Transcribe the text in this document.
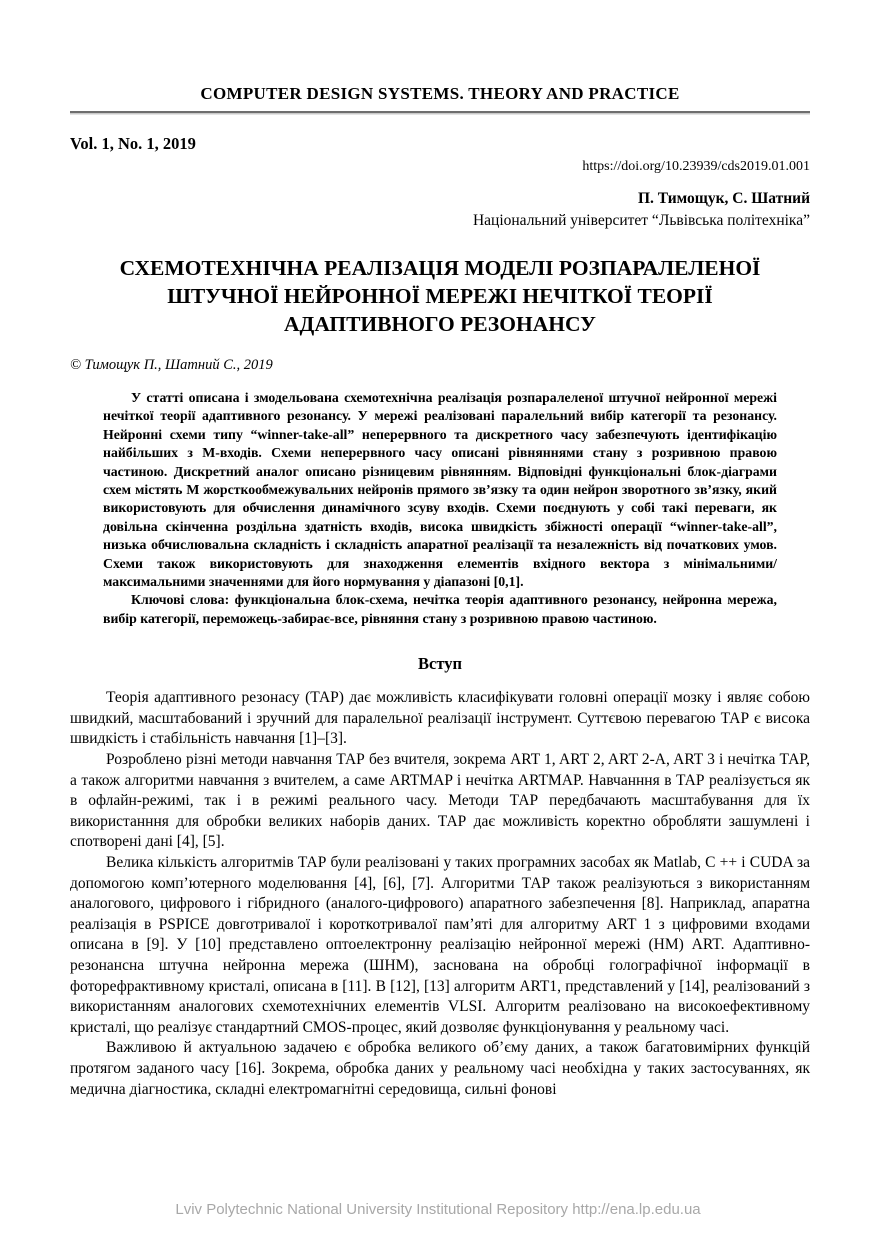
COMPUTER DESIGN SYSTEMS. THEORY AND PRACTICE
Vol. 1, No. 1, 2019
https://doi.org/10.23939/cds2019.01.001
П. Тимощук, С. Шатний
Національний університет “Львівська політехніка”
СХЕМОТЕХНІЧНА РЕАЛІЗАЦІЯ МОДЕЛІ РОЗПАРАЛЕЛЕНОЇ ШТУЧНОЇ НЕЙРОННОЇ МЕРЕЖІ НЕЧІТКОЇ ТЕОРІЇ АДАПТИВНОГО РЕЗОНАНСУ
© Тимощук П., Шатний С., 2019

У статті описана і змодельована схемотехнічна реалізація розпаралеленої штучної нейронної мережі нечіткої теорії адаптивного резонансу. У мережі реалізовані паралельний вибір категорії та резонансу. Нейронні схеми типу “winner-take-all” неперервного та дискретного часу забезпечують ідентифікацію найбільших з М-входів. Схеми неперервного часу описані рівняннями стану з розривною правою частиною. Дискретний аналог описано різницевим рівнянням. Відповідні функціональні блок-діаграми схем містять М жорсткообмежувальних нейронів прямого зв’язку та один нейрон зворотного зв’язку, який використовують для обчислення динамічного зсуву входів. Схеми поєднують у собі такі переваги, як довільна скінченна роздільна здатність входів, висока швидкість збіжності операції “winner-take-all”, низька обчислювальна складність і складність апаратної реалізації та незалежність від початкових умов. Схеми також використовують для знаходження елементів вхідного вектора з мінімальними/максимальними значеннями для його нормування у діапазоні [0,1].

Ключові слова: функціональна блок-схема, нечітка теорія адаптивного резонансу, нейронна мережа, вибір категорії, переможець-забирає-все, рівняння стану з розривною правою частиною.

Вступ

Теорія адаптивного резонасу (ТАР) дає можливість класифікувати головні операції мозку і являє собою швидкий, масштабований і зручний для паралельної реалізації інструмент. Суттєвою перевагою ТАР є висока швидкість і стабільність навчання [1]–[3].

Розроблено різні методи навчання ТАР без вчителя, зокрема ART 1, ART 2, ART 2-A, ART 3 і нечітка ТАР, а також алгоритми навчання з вчителем, а саме ARTMAP і нечітка ARTMAP. Навчанння в ТАР реалізується як в офлайн-режимі, так і в режимі реального часу. Методи ТАР передбачають масштабування для їх використанння для обробки великих наборів даних. ТАР дає можливість коректно обробляти зашумлені і спотворені дані [4], [5].

Велика кількість алгоритмів ТАР були реалізовані у таких програмних засобах як Matlab, C ++ і CUDA за допомогою комп’ютерного моделювання [4], [6], [7]. Алгоритми ТАР також реалізуються з використанням аналогового, цифрового і гібридного (аналого-цифрового) апаратного забезпечення [8]. Наприклад, апаратна реалізація в PSPICE довготривалої і короткотривалої пам’яті для алгоритму ART 1 з цифровими входами описана в [9]. У [10] представлено оптоелектронну реалізацію нейронної мережі (НМ) ART. Адаптивно-резонансна штучна нейронна мережа (ШНМ), заснована на обробці голографічної інформації в фоторефрактивному кристалі, описана в [11]. В [12], [13] алгоритм ART1, представлений у [14], реалізований з використанням аналогових схемотехнічних елементів VLSI. Алгоритм реалізовано на високоефективному кристалі, що реалізує стандартний CMOS-процес, який дозволяє функціонування у реальному часі.

Важливою й актуальною задачею є обробка великого об’єму даних, а також багатовимірних функцій протягом заданого часу [16]. Зокрема, обробка даних у реальному часі необхідна у таких застосуваннях, як медична діагностика, складні електромагнітні середовища, сильні фонові

Lviv Polytechnic National University Institutional Repository http://ena.lp.edu.ua
